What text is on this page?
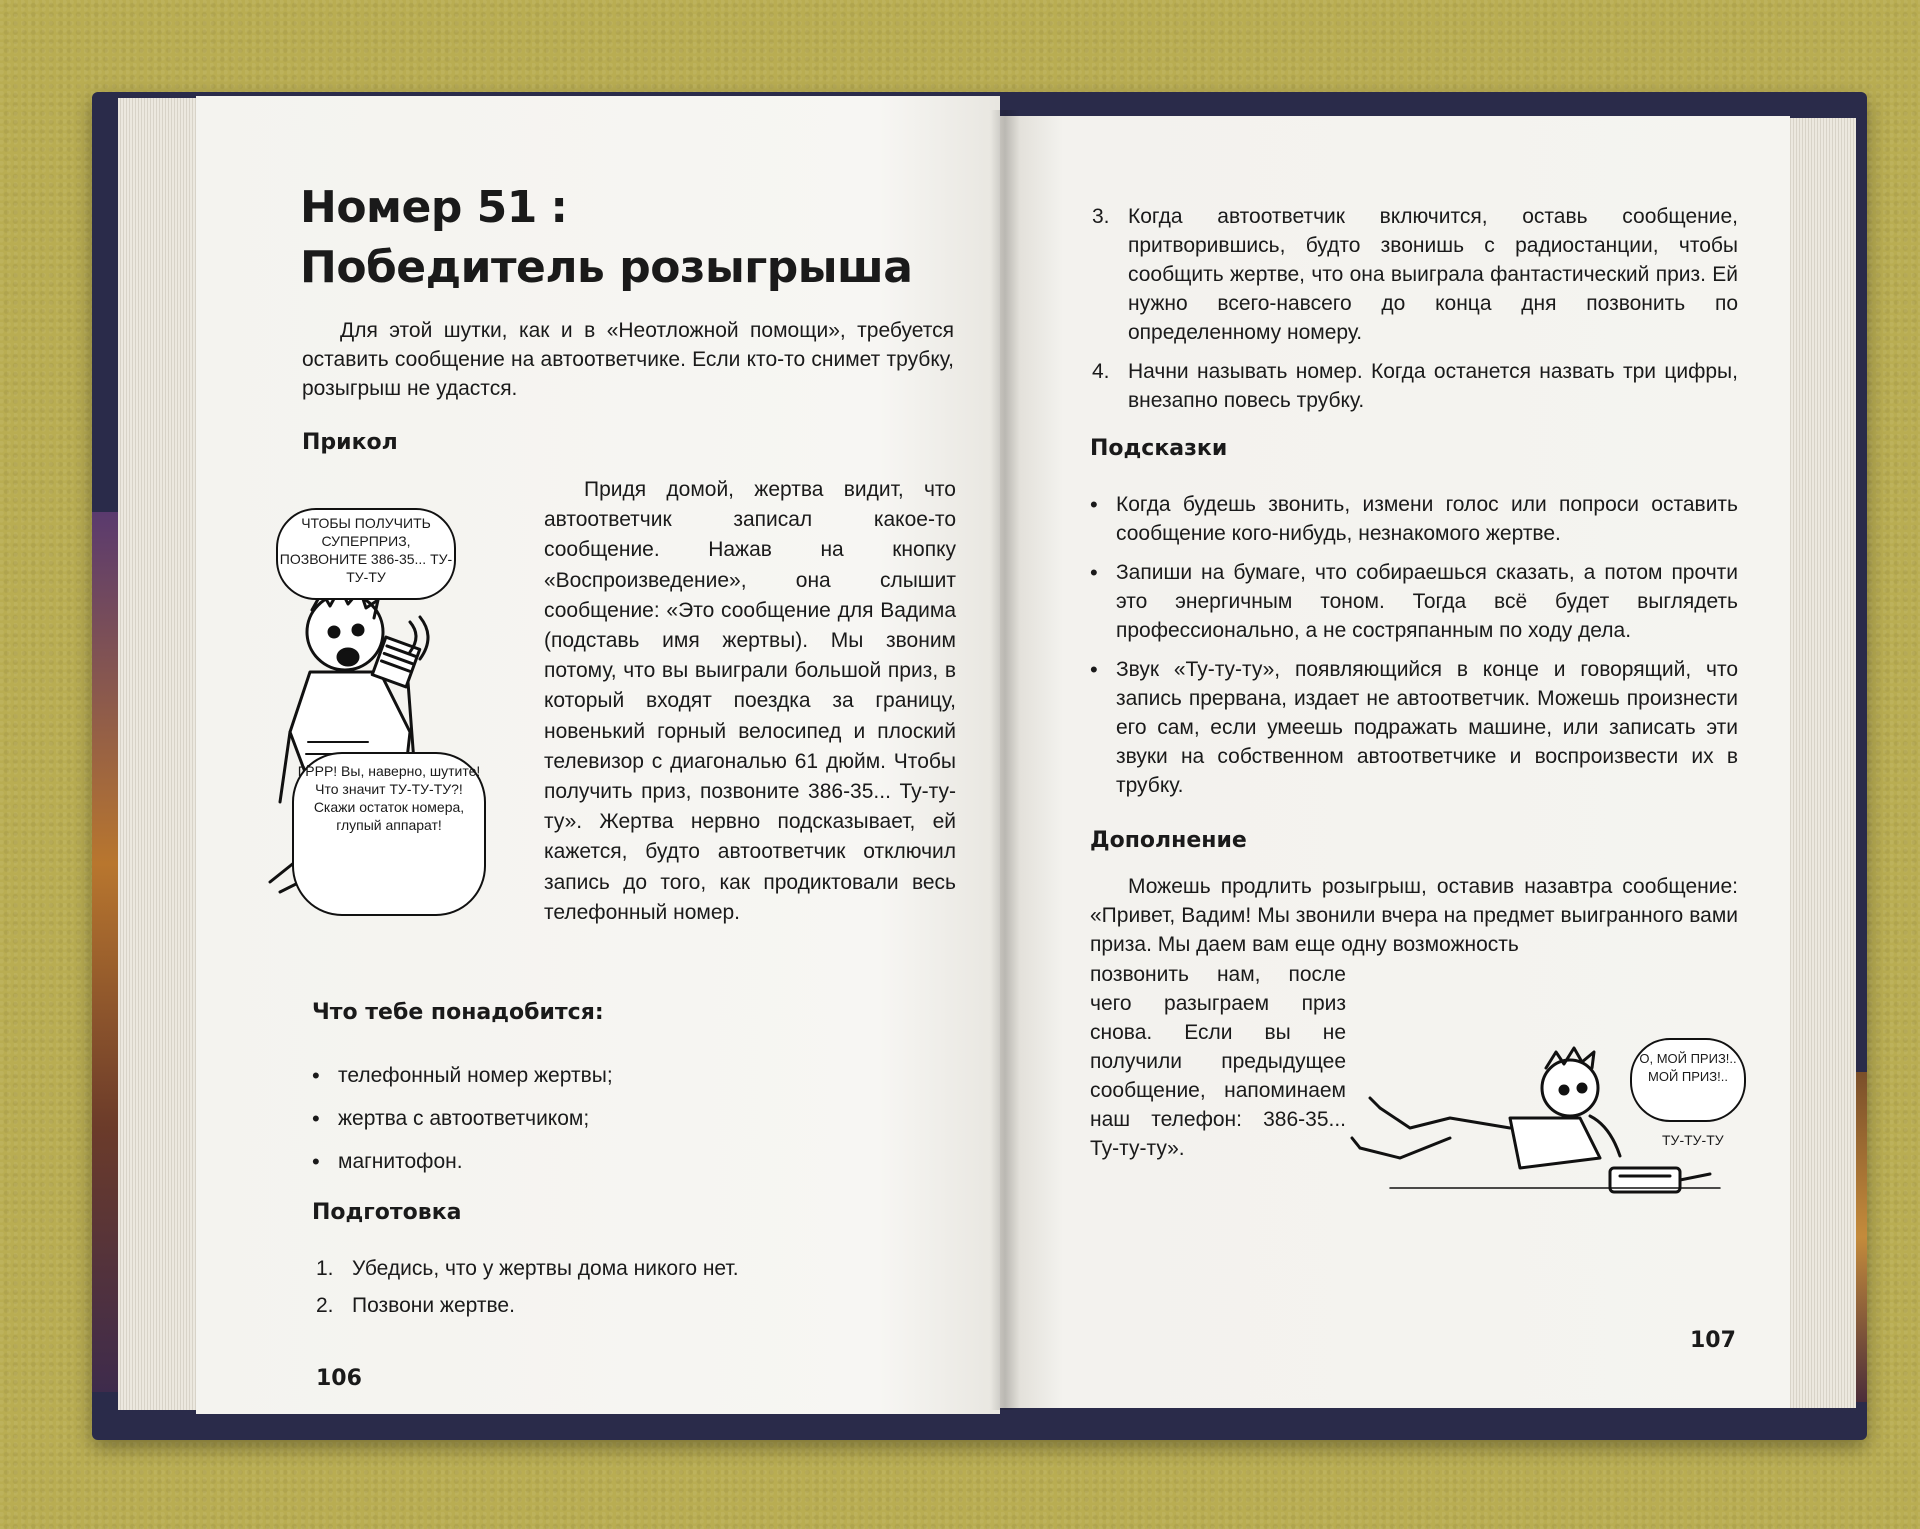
Номер 51 :
Победитель розыгрыша

Для этой шутки, как и в «Неотложной помощи», требуется оставить сообщение на автоответчике. Если кто-то снимет трубку, розыгрыш не удастся.

Прикол
ЧТОБЫ ПОЛУЧИТЬ СУПЕРПРИЗ, ПОЗВОНИТЕ 386-35... ТУ-ТУ-ТУ
ГРРР! Вы, наверно, шутите! Что значит ТУ-ТУ-ТУ?! Скажи остаток номера, глупый аппарат!

Придя домой, жертва видит, что автоответчик записал какое-то сообщение. Нажав на кнопку «Воспроизведение», она слышит сообщение: «Это сообщение для Вадима (подставь имя жертвы). Мы звоним потому, что вы выиграли большой приз, в который входят поездка за границу, новенький горный велосипед и плоский телевизор с диагональю 61 дюйм. Чтобы получить приз, позвоните 386-35... Ту-ту-ту». Жертва нервно подсказывает, ей кажется, будто автоответчик отключил запись до того, как продиктовали весь телефонный номер.

Что тебе понадобится:
• телефонный номер жертвы;
• жертва с автоответчиком;
• магнитофон.
Подготовка
1. Убедись, что у жертвы дома никого нет.
2. Позвони жертве.
106
3. Когда автоответчик включится, оставь сообщение, притворившись, будто звонишь с радиостанции, чтобы сообщить жертве, что она выиграла фантастический приз. Ей нужно всего-навсего до конца дня позвонить по определенному номеру.
4. Начни называть номер. Когда останется назвать три цифры, внезапно повесь трубку.
Подсказки
• Когда будешь звонить, измени голос или попроси оставить сообщение кого-нибудь, незнакомого жертве.
• Запиши на бумаге, что собираешься сказать, а потом прочти это энергичным тоном. Тогда всё будет выглядеть профессионально, а не состряпанным по ходу дела.
• Звук «Ту-ту-ту», появляющийся в конце и говорящий, что запись прервана, издает не автоответчик. Можешь произнести его сам, если умеешь подражать машине, или записать эти звуки на собственном автоответчике и воспроизвести их в трубку.
Дополнение

Можешь продлить розыгрыш, оставив назавтра сообщение: «Привет, Вадим! Мы звонили вчера на предмет выигранного вами приза. Мы даем вам еще одну возможность

позвонить нам, после чего разыграем приз снова. Если вы не получили предыдущее сообщение, напоминаем наш телефон: 386-35... Ту-ту-ту».

О, МОЙ ПРИЗ!.. МОЙ ПРИЗ!..
ТУ-ТУ-ТУ
107
